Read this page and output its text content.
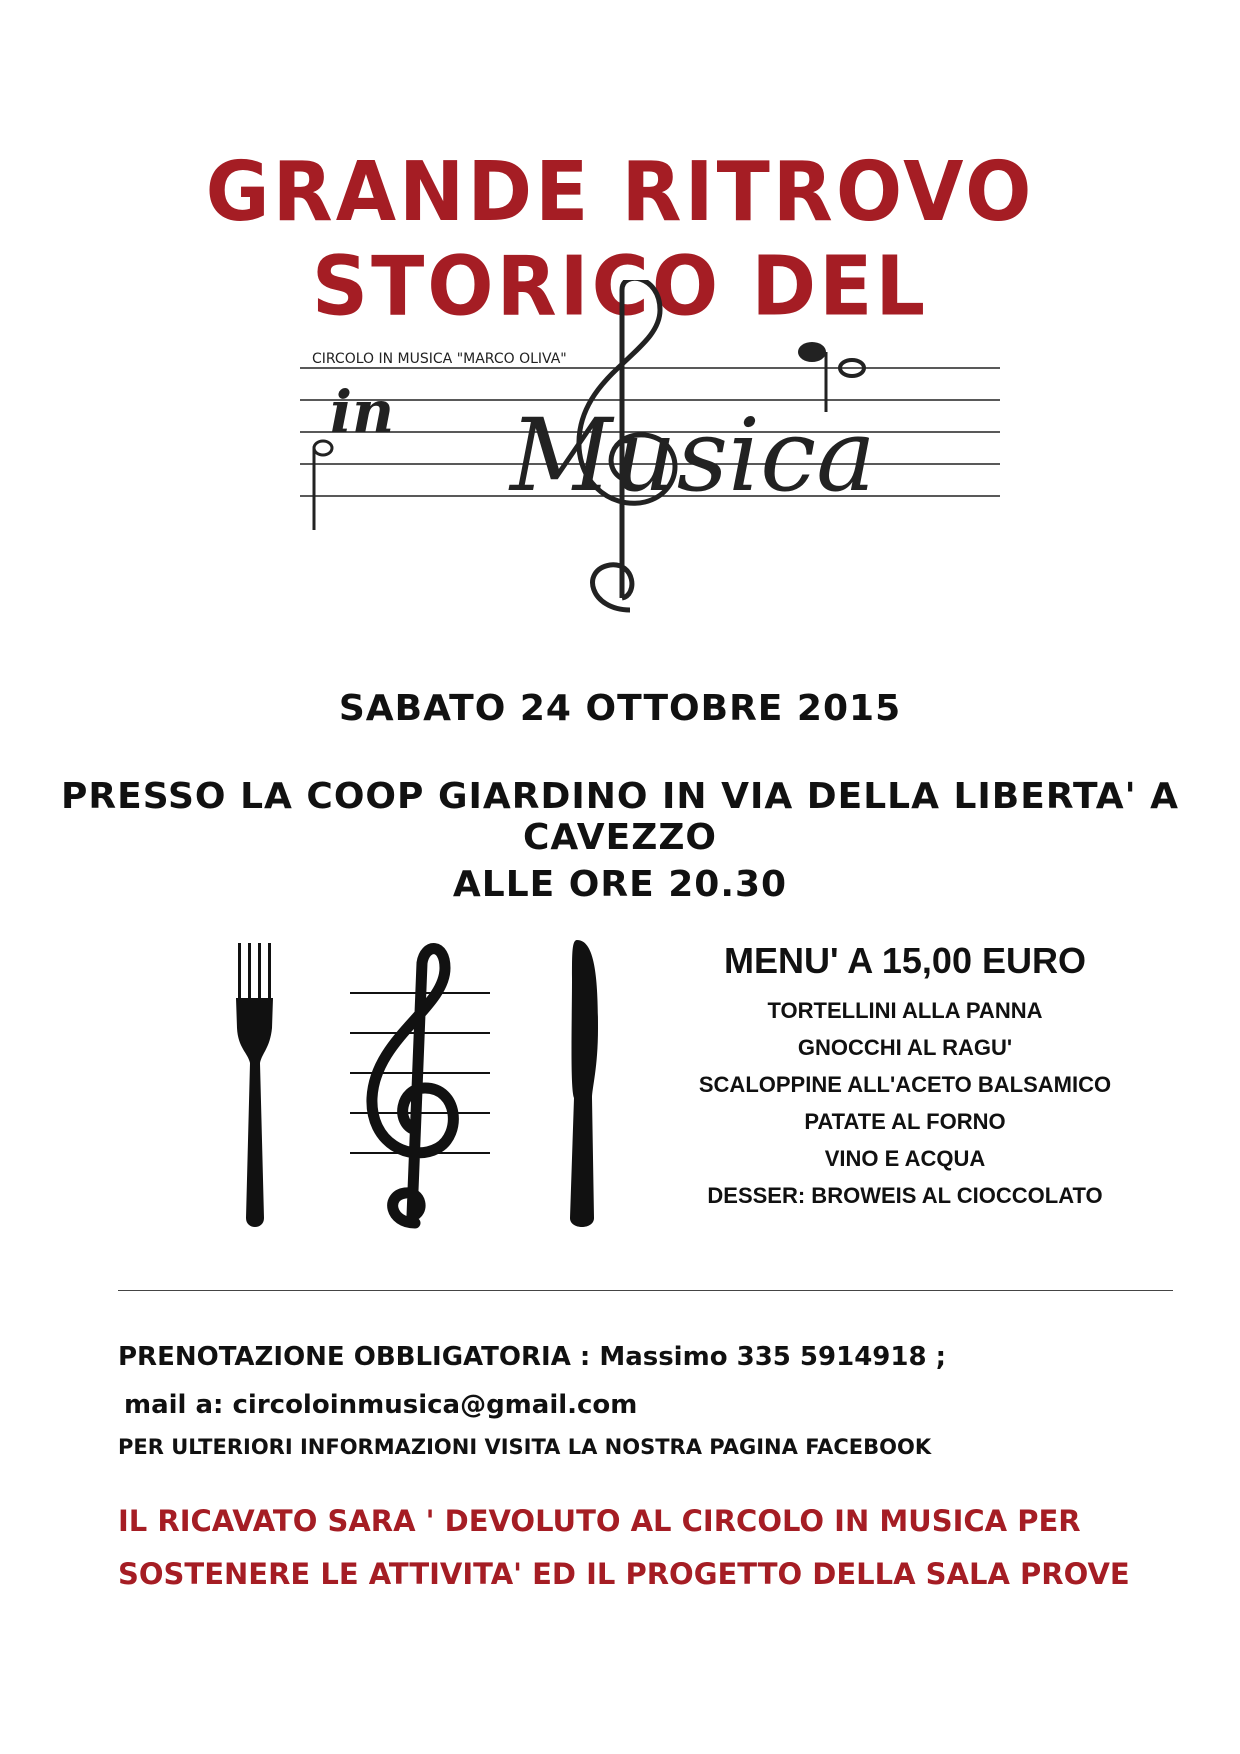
GRANDE RITROVO STORICO DEL
CIRCOLO IN MUSICA "MARCO OLIVA"
in Musica
SABATO 24 OTTOBRE 2015
PRESSO LA COOP GIARDINO IN VIA DELLA LIBERTA' A CAVEZZO
ALLE ORE 20.30
MENU' A 15,00 EURO
TORTELLINI ALLA PANNA
GNOCCHI AL RAGU'
SCALOPPINE ALL'ACETO BALSAMICO
PATATE AL FORNO
VINO E ACQUA
DESSER: BROWEIS AL CIOCCOLATO
PRENOTAZIONE OBBLIGATORIA : Massimo 335 5914918 ;
mail a: circoloinmusica@gmail.com
PER ULTERIORI INFORMAZIONI VISITA LA NOSTRA PAGINA FACEBOOK
IL RICAVATO SARA ' DEVOLUTO AL CIRCOLO IN MUSICA PER
SOSTENERE LE ATTIVITA' ED IL PROGETTO DELLA SALA PROVE
